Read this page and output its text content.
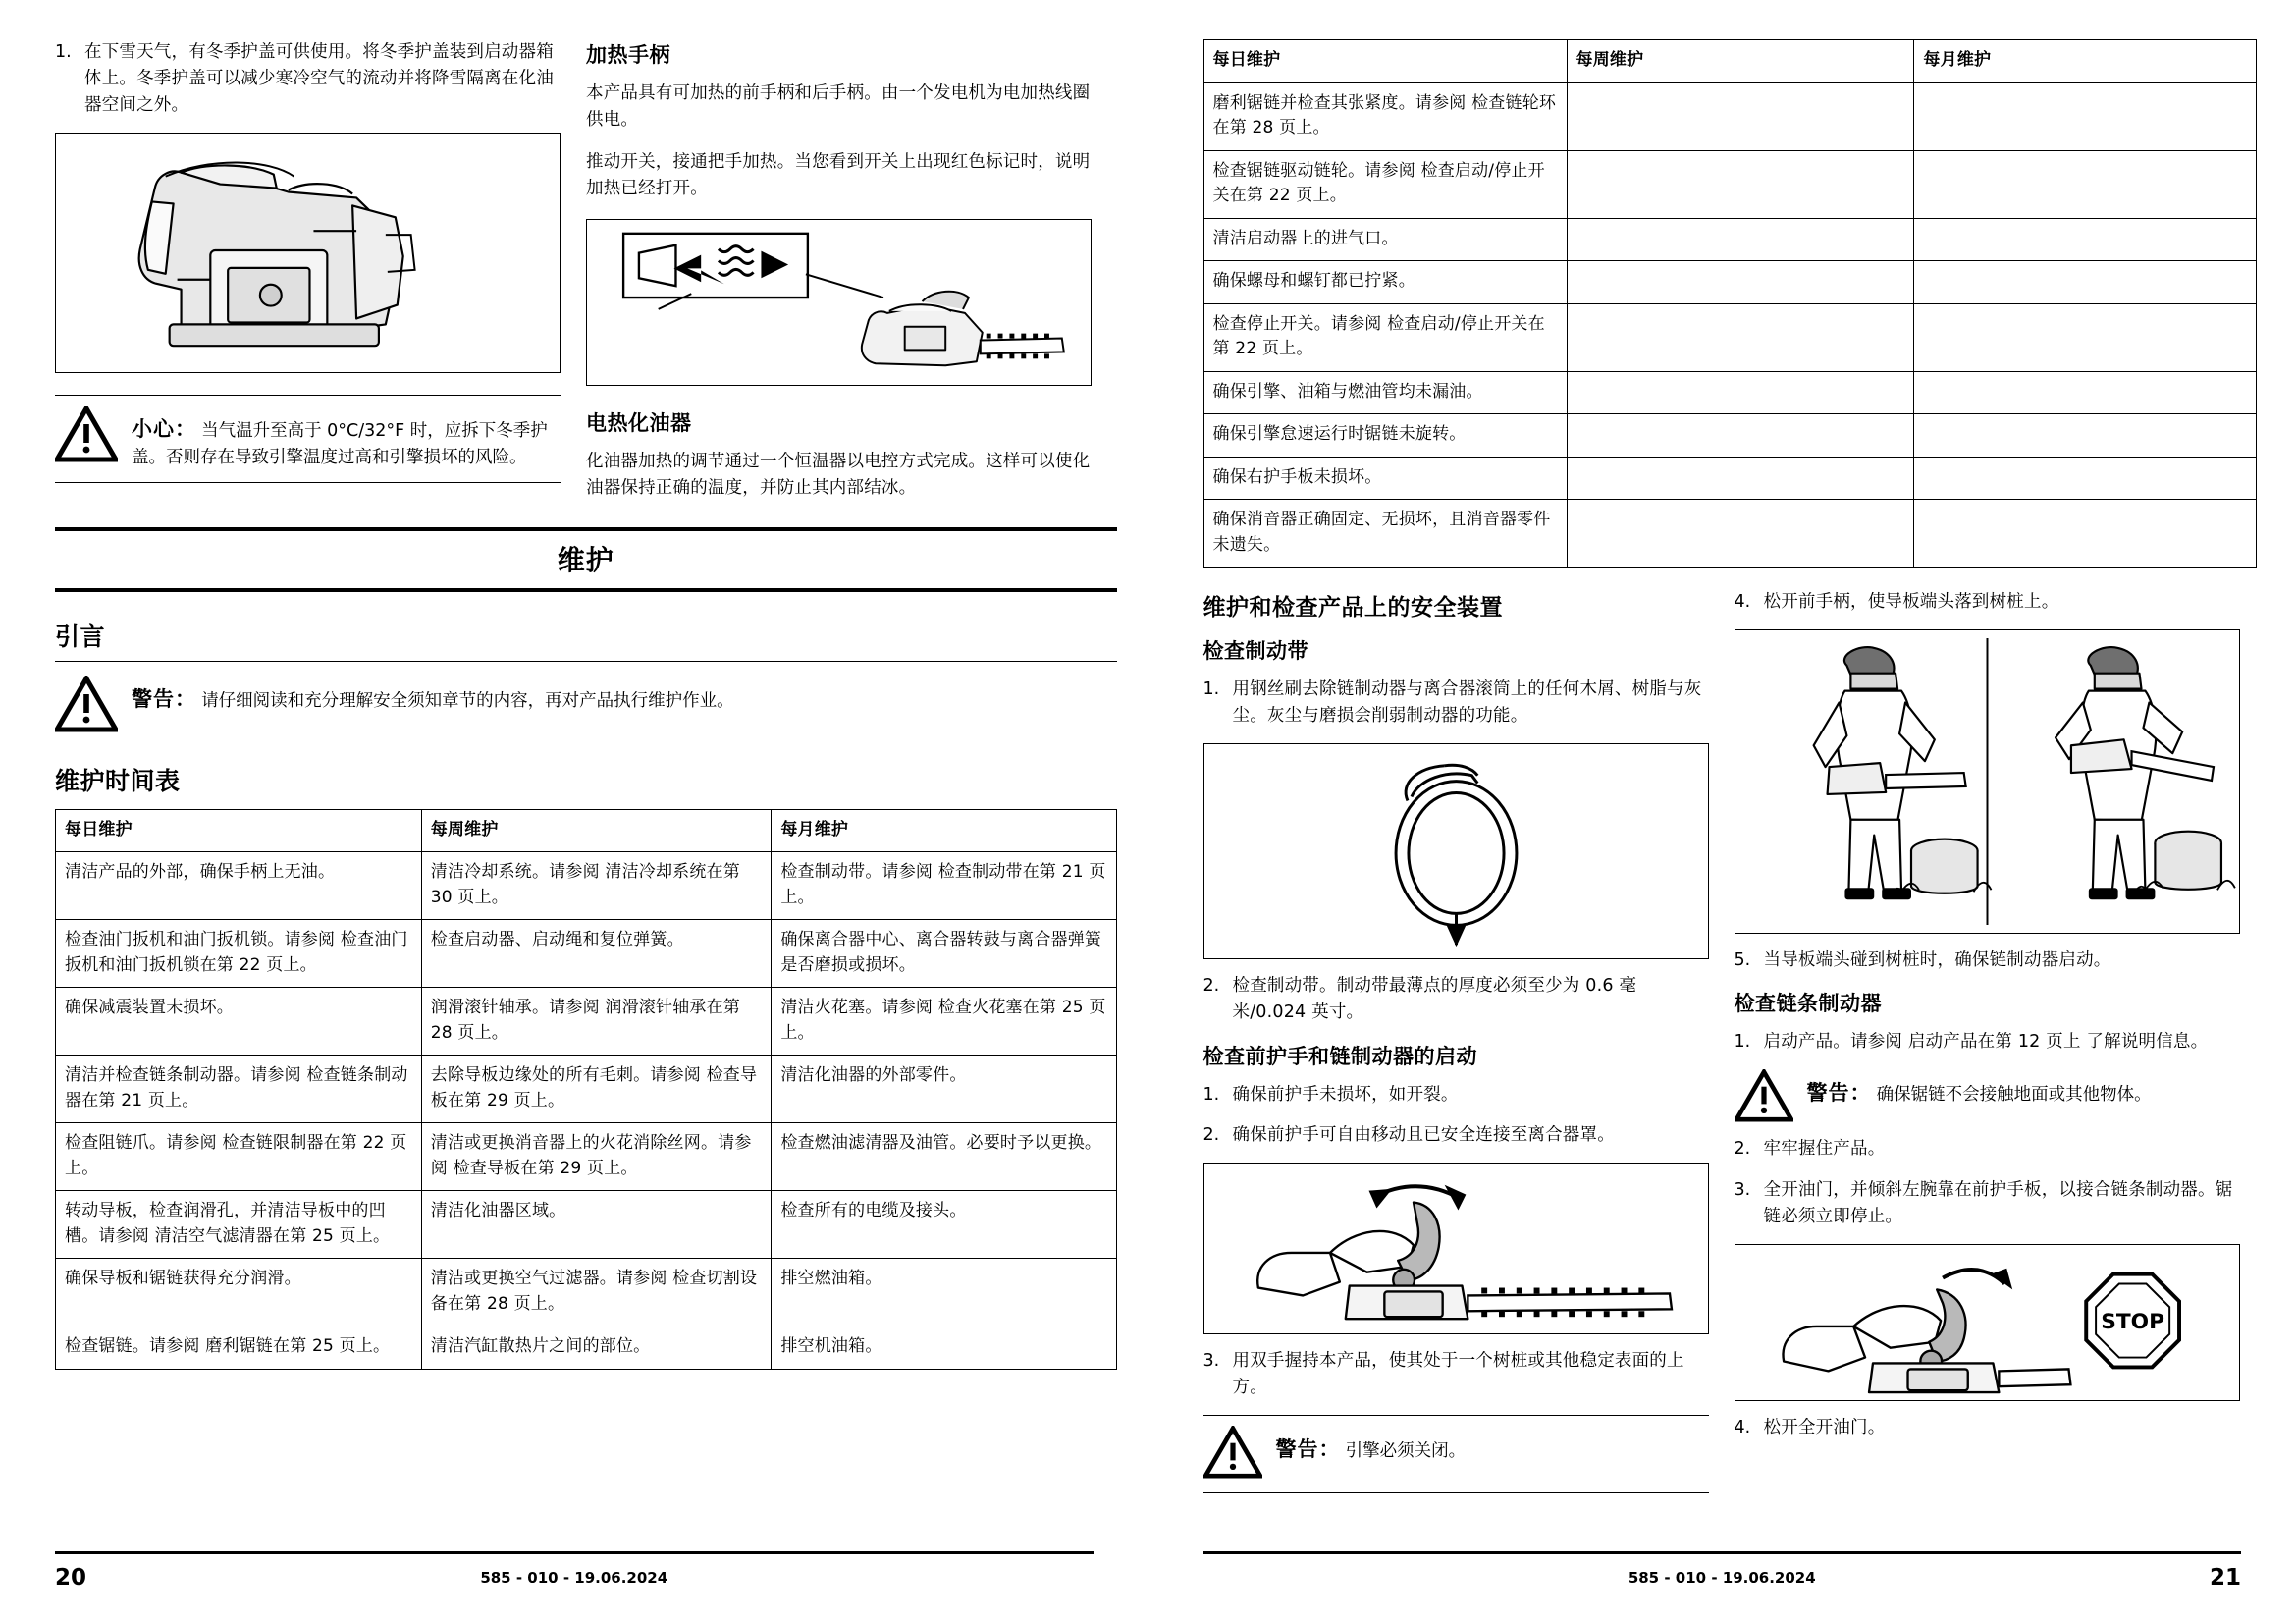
1. 在下雪天气，有冬季护盖可供使用。将冬季护盖装到启动器箱体上。冬季护盖可以减少寒冷空气的流动并将降雪隔离在化油器空间之外。
小心： 当气温升至高于 0°C/32°F 时，应拆下冬季护盖。否则存在导致引擎温度过高和引擎损坏的风险。
加热手柄

本产品具有可加热的前手柄和后手柄。由一个发电机为电加热线圈供电。

推动开关，接通把手加热。当您看到开关上出现红色标记时，说明加热已经打开。

电热化油器

化油器加热的调节通过一个恒温器以电控方式完成。这样可以使化油器保持正确的温度，并防止其内部结冰。

维护
引言
警告： 请仔细阅读和充分理解安全须知章节的内容，再对产品执行维护作业。
维护时间表
每日维护	每周维护	每月维护
清洁产品的外部，确保手柄上无油。	清洁冷却系统。请参阅 清洁冷却系统在第 30 页上。	检查制动带。请参阅 检查制动带在第 21 页上。
检查油门扳机和油门扳机锁。请参阅 检查油门扳机和油门扳机锁在第 22 页上。	检查启动器、启动绳和复位弹簧。	确保离合器中心、离合器转鼓与离合器弹簧是否磨损或损坏。
确保减震装置未损坏。	润滑滚针轴承。请参阅 润滑滚针轴承在第 28 页上。	清洁火花塞。请参阅 检查火花塞在第 25 页上。
清洁并检查链条制动器。请参阅 检查链条制动器在第 21 页上。	去除导板边缘处的所有毛刺。请参阅 检查导板在第 29 页上。	清洁化油器的外部零件。
检查阻链爪。请参阅 检查链限制器在第 22 页上。	清洁或更换消音器上的火花消除丝网。请参阅 检查导板在第 29 页上。	检查燃油滤清器及油管。必要时予以更换。
转动导板，检查润滑孔，并清洁导板中的凹槽。请参阅 清洁空气滤清器在第 25 页上。	清洁化油器区域。	检查所有的电缆及接头。
确保导板和锯链获得充分润滑。	清洁或更换空气过滤器。请参阅 检查切割设备在第 28 页上。	排空燃油箱。
检查锯链。请参阅 磨利锯链在第 25 页上。	清洁汽缸散热片之间的部位。	排空机油箱。
20	585 - 010 - 19.06.2024
每日维护	每周维护	每月维护
磨利锯链并检查其张紧度。请参阅 检查链轮环在第 28 页上。		
检查锯链驱动链轮。请参阅 检查启动/停止开关在第 22 页上。		
清洁启动器上的进气口。		
确保螺母和螺钉都已拧紧。		
检查停止开关。请参阅 检查启动/停止开关在第 22 页上。		
确保引擎、油箱与燃油管均未漏油。		
确保引擎怠速运行时锯链未旋转。		
确保右护手板未损坏。		
确保消音器正确固定、无损坏，且消音器零件未遗失。		
维护和检查产品上的安全装置
检查制动带
1. 用钢丝刷去除链制动器与离合器滚筒上的任何木屑、树脂与灰尘。灰尘与磨损会削弱制动器的功能。
2. 检查制动带。制动带最薄点的厚度必须至少为 0.6 毫米/0.024 英寸。
检查前护手和链制动器的启动
1. 确保前护手未损坏，如开裂。
2. 确保前护手可自由移动且已安全连接至离合器罩。
3. 用双手握持本产品，使其处于一个树桩或其他稳定表面的上方。
警告： 引擎必须关闭。
4. 松开前手柄，使导板端头落到树桩上。
5. 当导板端头碰到树桩时，确保链制动器启动。
检查链条制动器
1. 启动产品。请参阅 启动产品在第 12 页上 了解说明信息。
警告： 确保锯链不会接触地面或其他物体。
2. 牢牢握住产品。
3. 全开油门，并倾斜左腕靠在前护手板，以接合链条制动器。锯链必须立即停止。
STOP
4. 松开全开油门。
585 - 010 - 19.06.2024	21
